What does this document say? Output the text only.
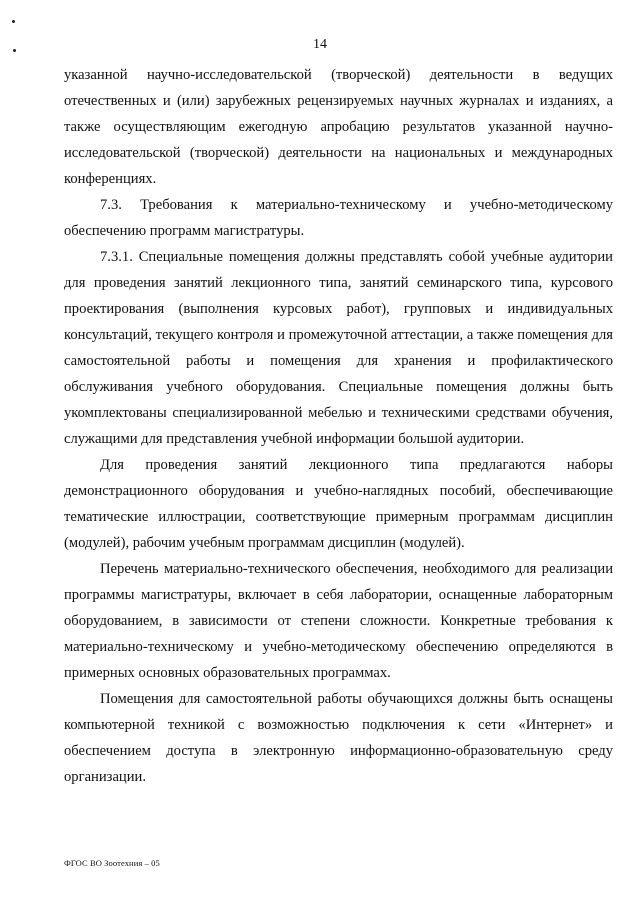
14

указанной научно-исследовательской (творческой) деятельности в ведущих отечественных и (или) зарубежных рецензируемых научных журналах и изданиях, а также осуществляющим ежегодную апробацию результатов указанной научно-исследовательской (творческой) деятельности на национальных и международных конференциях.

7.3. Требования к материально-техническому и учебно-методическому обеспечению программ магистратуры.

7.3.1. Специальные помещения должны представлять собой учебные аудитории для проведения занятий лекционного типа, занятий семинарского типа, курсового проектирования (выполнения курсовых работ), групповых и индивидуальных консультаций, текущего контроля и промежуточной аттестации, а также помещения для самостоятельной работы и помещения для хранения и профилактического обслуживания учебного оборудования. Специальные помещения должны быть укомплектованы специализированной мебелью и техническими средствами обучения, служащими для представления учебной информации большой аудитории.

Для проведения занятий лекционного типа предлагаются наборы демонстрационного оборудования и учебно-наглядных пособий, обеспечивающие тематические иллюстрации, соответствующие примерным программам дисциплин (модулей), рабочим учебным программам дисциплин (модулей).

Перечень материально-технического обеспечения, необходимого для реализации программы магистратуры, включает в себя лаборатории, оснащенные лабораторным оборудованием, в зависимости от степени сложности. Конкретные требования к материально-техническому и учебно-методическому обеспечению определяются в примерных основных образовательных программах.

Помещения для самостоятельной работы обучающихся должны быть оснащены компьютерной техникой с возможностью подключения к сети «Интернет» и обеспечением доступа в электронную информационно-образовательную среду организации.

ФГОС ВО Зоотехния – 05
